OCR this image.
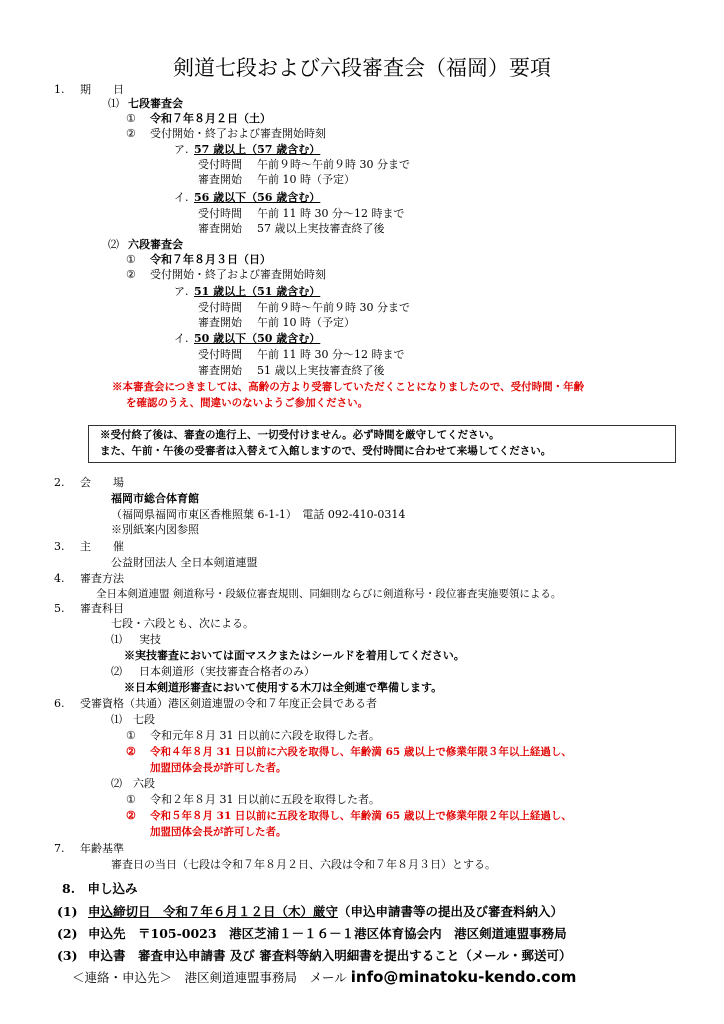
剣道七段および六段審査会（福岡）要項
1. 期　　日
⑴ 七段審査会
① 令和７年８月２日（土）
② 受付開始・終了および審査開始時刻
ア. 57 歳以上（57 歳含む）
受付時間 午前９時～午前９時 30 分まで
審査開始 午前 10 時（予定）
イ. 56 歳以下（56 歳含む）
受付時間 午前 11 時 30 分～12 時まで
審査開始 57 歳以上実技審査終了後
⑵ 六段審査会
① 令和７年８月３日（日）
② 受付開始・終了および審査開始時刻
ア. 51 歳以上（51 歳含む）
受付時間 午前９時～午前９時 30 分まで
審査開始 午前 10 時（予定）
イ. 50 歳以下（50 歳含む）
受付時間 午前 11 時 30 分～12 時まで
審査開始 51 歳以上実技審査終了後
※本審査会につきましては、高齢の方より受審していただくことになりましたので、受付時間・年齢
を確認のうえ、間違いのないようご参加ください。
※受付終了後は、審査の進行上、一切受付けません。必ず時間を厳守してください。
また、午前・午後の受審者は入替えて入館しますので、受付時間に合わせて来場してください。
2. 会　　場
福岡市総合体育館
（福岡県福岡市東区香椎照葉 6-1-1）　電話 092-410-0314
※別紙案内図参照
3. 主　　催
公益財団法人 全日本剣道連盟
4. 審査方法
全日本剣道連盟 剣道称号・段級位審査規則、同細則ならびに剣道称号・段位審査実施要領による。
5. 審査科目
七段・六段とも、次による。
⑴ 実技
※実技審査においては面マスクまたはシールドを着用してください。
⑵ 日本剣道形（実技審査合格者のみ）
※日本剣道形審査において使用する木刀は全剣連で準備します。
6. 受審資格 （共通）港区剣道連盟の令和７年度正会員である者
⑴ 七段
① 令和元年８月 31 日以前に六段を取得した者。
② 令和４年８月 31 日以前に六段を取得し、年齢満 65 歳以上で修業年限３年以上経過し、
加盟団体会長が許可した者。
⑵ 六段
① 令和２年８月 31 日以前に五段を取得した者。
② 令和５年８月 31 日以前に五段を取得し、年齢満 65 歳以上で修業年限２年以上経過し、
加盟団体会長が許可した者。
7. 年齢基準
審査日の当日（七段は令和７年８月２日、六段は令和７年８月３日）とする。
8.　申し込み
(1) 申込締切日　令和７年６月１２日（木）厳守（申込申請書等の提出及び審査料納入）
(2) 申込先　〒105-0023　港区芝浦１－１６－１港区体育協会内　港区剣道連盟事務局
(3) 申込書　審査申込申請書 及び 審査料等納入明細書を提出すること（メール・郵送可）
＜連絡・申込先＞　港区剣道連盟事務局　メール info@minatoku-kendo.com
